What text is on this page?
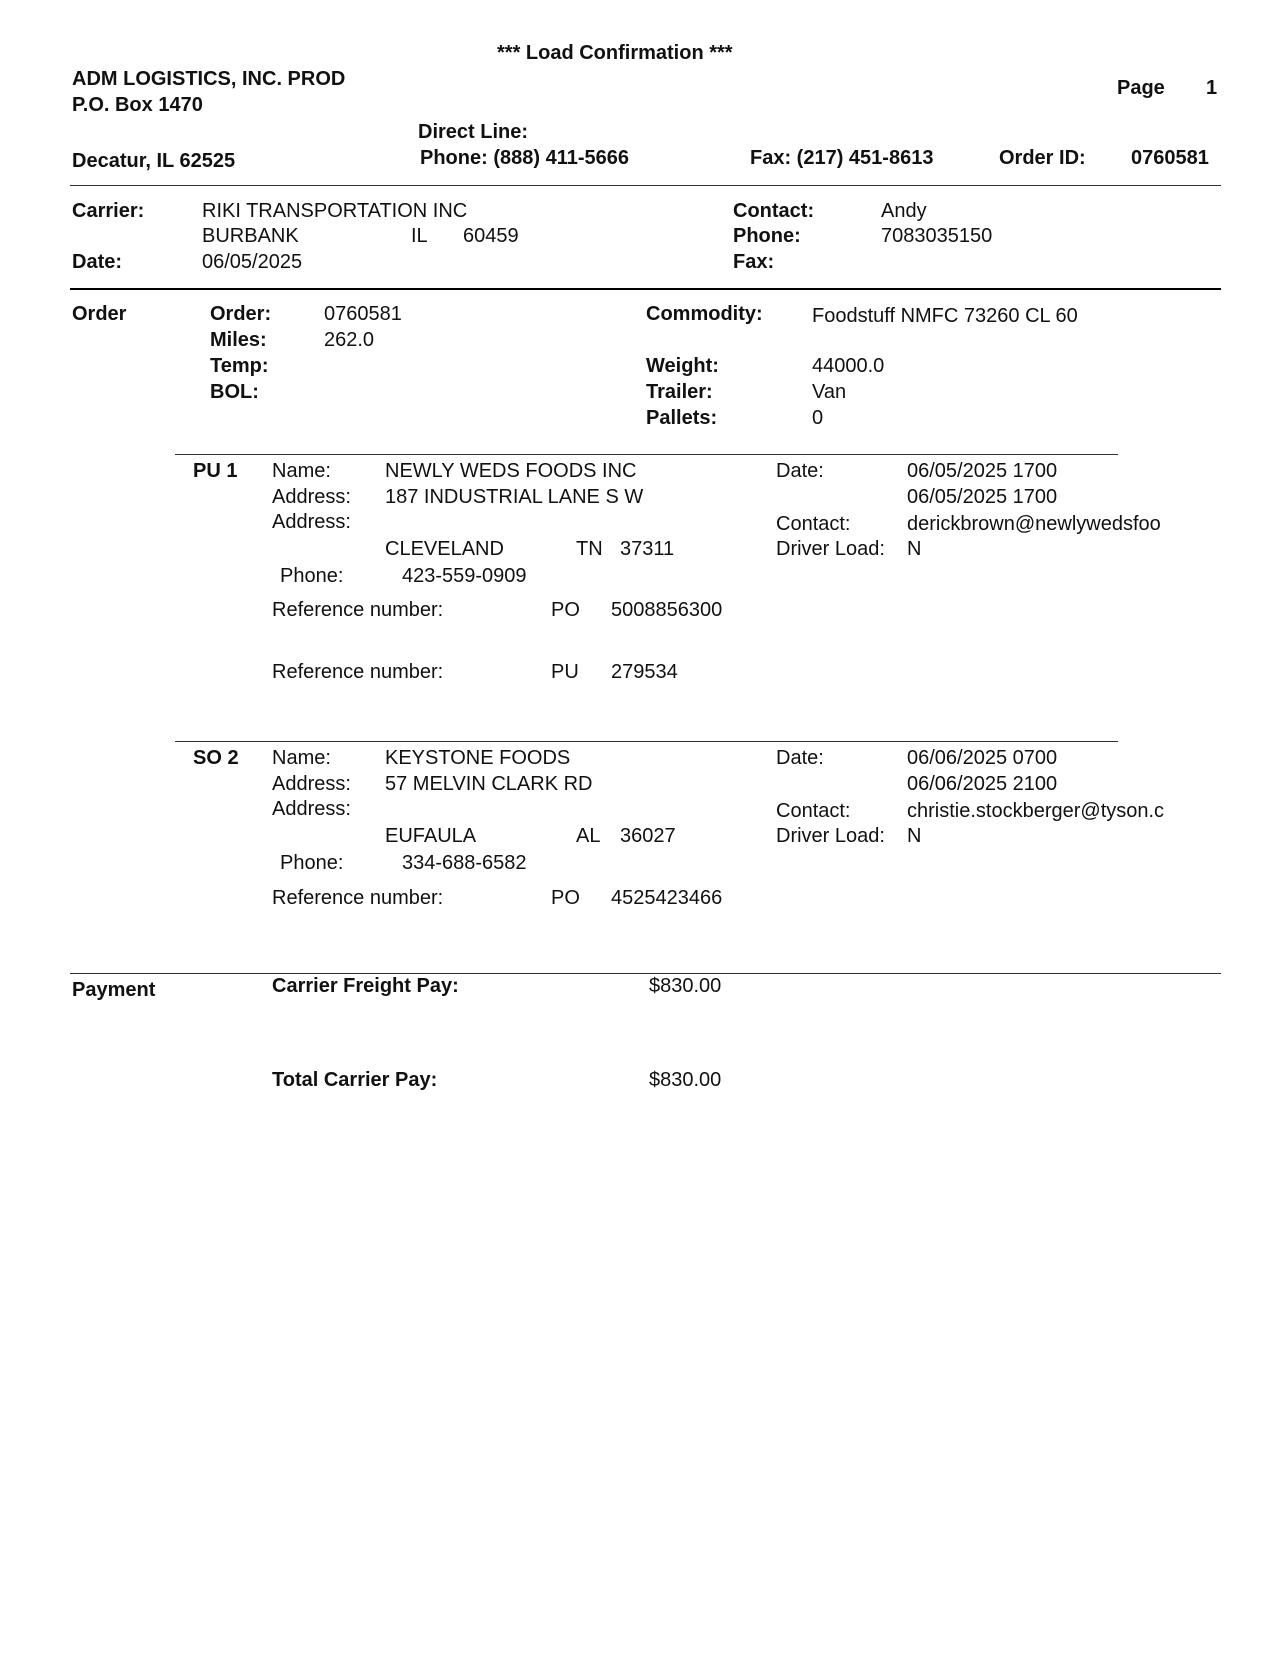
*** Load Confirmation ***
ADM LOGISTICS, INC. PROD
P.O. Box 1470
Decatur, IL 62525
Page 1
Direct Line:
Phone: (888) 411-5666	Fax: (217) 451-8613	Order ID: 0760581
Carrier:	RIKI TRANSPORTATION INC
BURBANK	IL 60459
Date:	06/05/2025
Contact:	Andy
Phone:	7083035150
Fax:
Order	Order:	0760581
Miles:	262.0
Temp:
BOL:
Commodity: Foodstuff NMFC 73260 CL 60
Weight:	44000.0
Trailer:	Van
Pallets:	0
PU 1 Name:	NEWLY WEDS FOODS INC
Address: 187 INDUSTRIAL LANE S W
Address:
CLEVELAND	TN 37311
Phone:	423-559-0909
Date:	06/05/2025 1700
06/05/2025 1700
Contact:	derickbrown@newlywedsfoo
Driver Load: N
Reference number:	PO 5008856300
Reference number:	PU 279534
SO 2 Name:	KEYSTONE FOODS
Address: 57 MELVIN CLARK RD
Address:
EUFAULA	AL 36027
Phone:	334-688-6582
Date:	06/06/2025 0700
06/06/2025 2100
Contact:	christie.stockberger@tyson.c
Driver Load: N
Reference number:	PO 4525423466
Payment	Carrier Freight Pay:	$830.00
Total Carrier Pay:	$830.00
